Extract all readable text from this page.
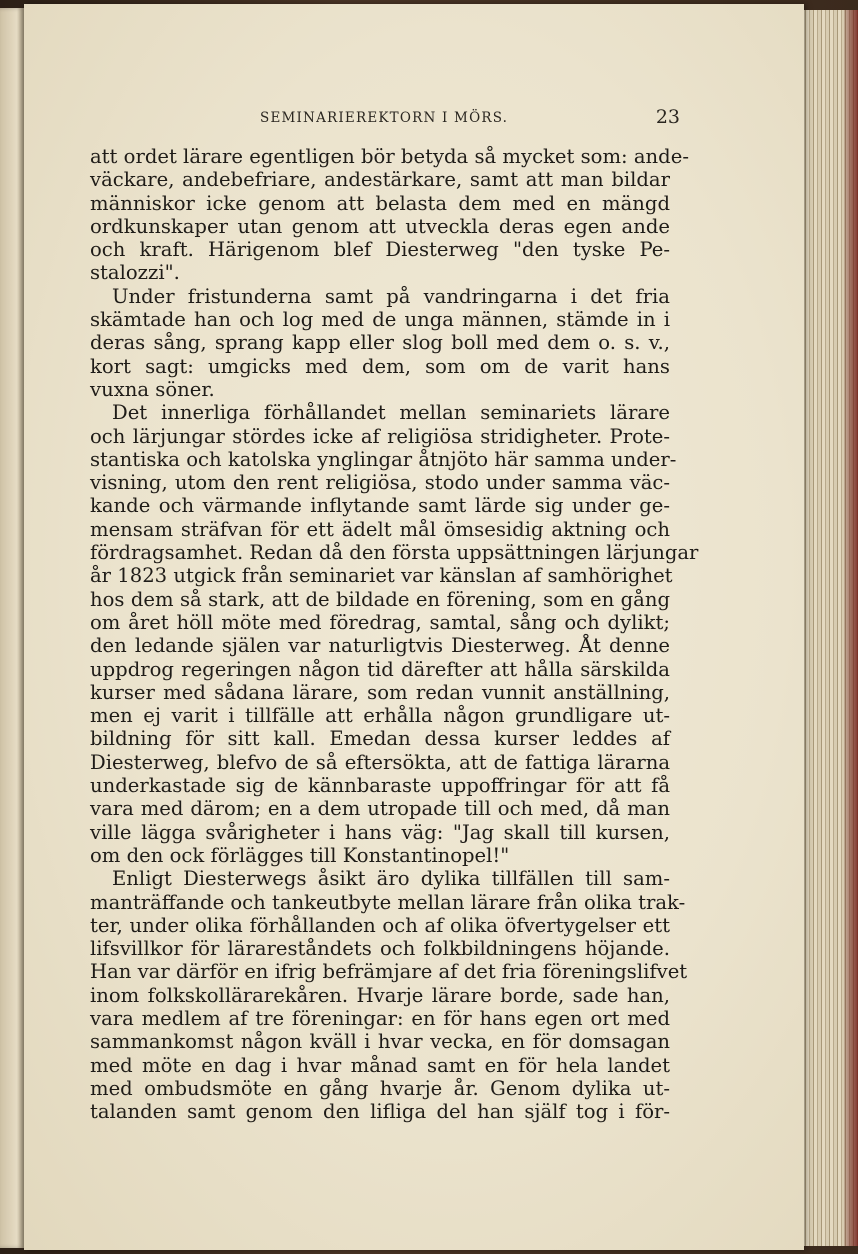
SEMINARIEREKTORN I MÖRS.	23
att ordet lärare egentligen bör betyda så mycket som: ande-
väckare, andebefriare, andestärkare, samt att man bildar
människor icke genom att belasta dem med en mängd
ordkunskaper utan genom att utveckla deras egen ande
och kraft. Härigenom blef Diesterweg "den tyske Pe-
stalozzi".
Under fristunderna samt på vandringarna i det fria
skämtade han och log med de unga männen, stämde in i
deras sång, sprang kapp eller slog boll med dem o. s. v.,
kort sagt: umgicks med dem, som om de varit hans
vuxna söner.
Det innerliga förhållandet mellan seminariets lärare
och lärjungar stördes icke af religiösa stridigheter. Prote-
stantiska och katolska ynglingar åtnjöto här samma under-
visning, utom den rent religiösa, stodo under samma väc-
kande och värmande inflytande samt lärde sig under ge-
mensam sträfvan för ett ädelt mål ömsesidig aktning och
fördragsamhet. Redan då den första uppsättningen lärjungar
år 1823 utgick från seminariet var känslan af samhörighet
hos dem så stark, att de bildade en förening, som en gång
om året höll möte med föredrag, samtal, sång och dylikt;
den ledande själen var naturligtvis Diesterweg. Åt denne
uppdrog regeringen någon tid därefter att hålla särskilda
kurser med sådana lärare, som redan vunnit anställning,
men ej varit i tillfälle att erhålla någon grundligare ut-
bildning för sitt kall. Emedan dessa kurser leddes af
Diesterweg, blefvo de så eftersökta, att de fattiga lärarna
underkastade sig de kännbaraste uppoffringar för att få
vara med därom; en a dem utropade till och med, då man
ville lägga svårigheter i hans väg: "Jag skall till kursen,
om den ock förlägges till Konstantinopel!"
Enligt Diesterwegs åsikt äro dylika tillfällen till sam-
manträffande och tankeutbyte mellan lärare från olika trak-
ter, under olika förhållanden och af olika öfvertygelser ett
lifsvillkor för lärareståndets och folkbildningens höjande.
Han var därför en ifrig befrämjare af det fria föreningslifvet
inom folkskollärarekåren. Hvarje lärare borde, sade han,
vara medlem af tre föreningar: en för hans egen ort med
sammankomst någon kväll i hvar vecka, en för domsagan
med möte en dag i hvar månad samt en för hela landet
med ombudsmöte en gång hvarje år. Genom dylika ut-
talanden samt genom den lifliga del han själf tog i för-
